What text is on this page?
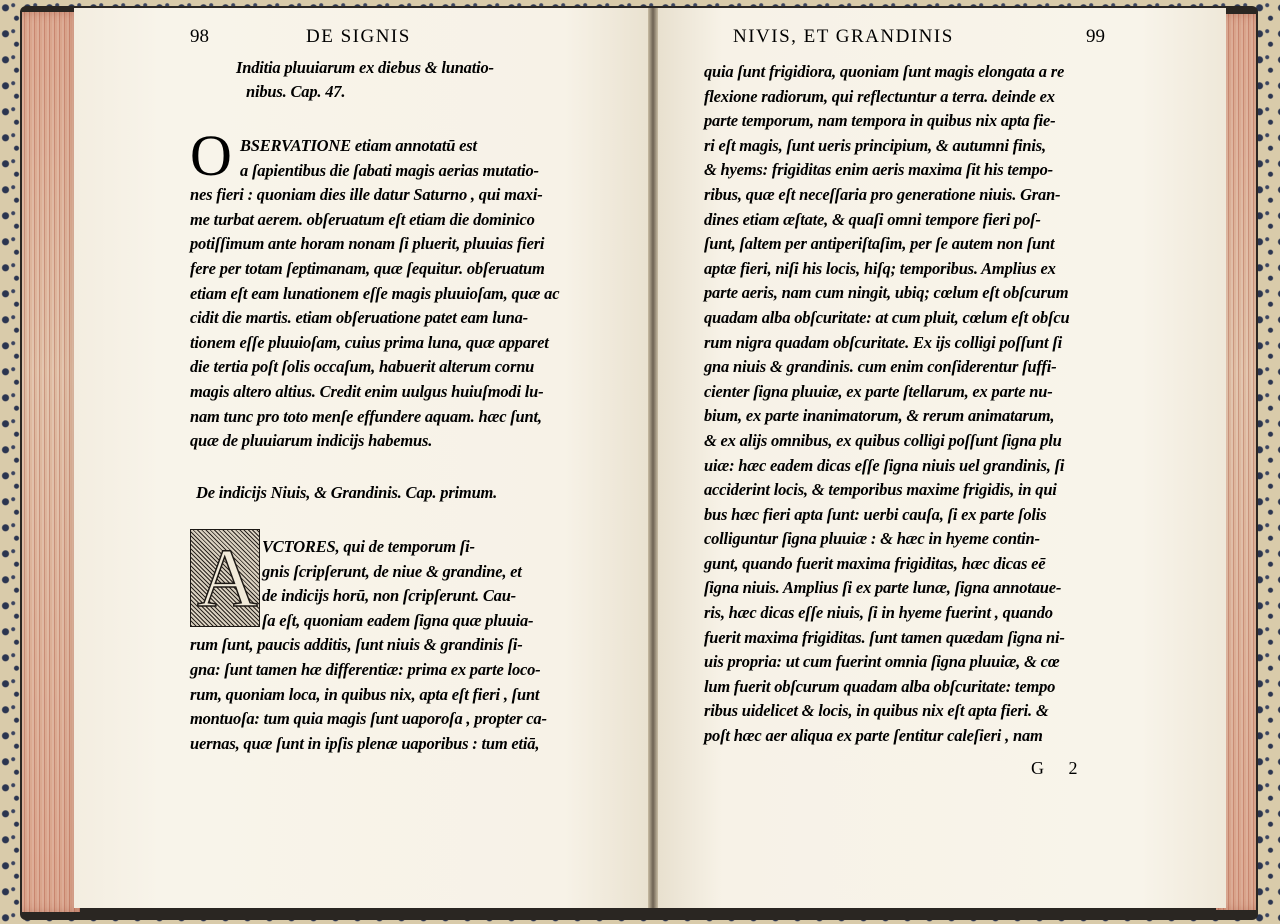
98	DE SIGNIS
Inditia pluuiarum ex diebus & lunatio-
nibus. Cap. 47.
O BSERVATIONE etiam annotatū est
a ſapientibus die ſabati magis aerias mutatio-
nes fieri : quoniam dies ille datur Saturno , qui maxi-
me turbat aerem. obſeruatum eſt etiam die dominico
potiſſimum ante horam nonam ſi pluerit, pluuias fieri
fere per totam ſeptimanam, quæ ſequitur. obſeruatum
etiam eſt eam lunationem eſſe magis pluuioſam, quæ ac
cidit die martis. etiam obſeruatione patet eam luna-
tionem eſſe pluuioſam, cuius prima luna, quæ apparet
die tertia poſt ſolis occaſum, habuerit alterum cornu
magis altero altius. Credit enim uulgus huiuſmodi lu-
nam tunc pro toto menſe effundere aquam. hæc ſunt,
quæ de pluuiarum indicijs habemus.
De indicijs Niuis, & Grandinis. Cap. primum.
A VCTORES, qui de temporum ſi-
gnis ſcripſerunt, de niue & grandine, et
de indicijs horū, non ſcripſerunt. Cau-
ſa eſt, quoniam eadem ſigna quæ pluuia-
rum ſunt, paucis additis, ſunt niuis & grandinis ſi-
gna: ſunt tamen hæ differentiæ: prima ex parte loco-
rum, quoniam loca, in quibus nix, apta eſt fieri , ſunt
montuoſa: tum quia magis ſunt uaporoſa , propter ca-
uernas, quæ ſunt in ipſis plenæ uaporibus : tum etiā,
NIVIS, ET GRANDINIS	99
quia ſunt frigidiora, quoniam ſunt magis elongata a re
flexione radiorum, qui reflectuntur a terra. deinde ex
parte temporum, nam tempora in quibus nix apta fie-
ri eſt magis, ſunt ueris principium, & autumni finis,
& hyems: frigiditas enim aeris maxima ſit his tempo-
ribus, quæ eſt neceſſaria pro generatione niuis. Gran-
dines etiam æſtate, & quaſi omni tempore fieri poſ-
ſunt, ſaltem per antiperiſtaſim, per ſe autem non ſunt
aptæ fieri, niſi his locis, hiſq; temporibus. Amplius ex
parte aeris, nam cum ningit, ubiq; cœlum eſt obſcurum
quadam alba obſcuritate: at cum pluit, cœlum eſt obſcu
rum nigra quadam obſcuritate. Ex ijs colligi poſſunt ſi
gna niuis & grandinis. cum enim conſiderentur ſuffi-
cienter ſigna pluuiæ, ex parte ſtellarum, ex parte nu-
bium, ex parte inanimatorum, & rerum animatarum,
& ex alijs omnibus, ex quibus colligi poſſunt ſigna plu
uiæ: hæc eadem dicas eſſe ſigna niuis uel grandinis, ſi
acciderint locis, & temporibus maxime frigidis, in qui
bus hæc fieri apta ſunt: uerbi cauſa, ſi ex parte ſolis
colliguntur ſigna pluuiæ : & hæc in hyeme contin-
gunt, quando fuerit maxima frigiditas, hæc dicas eē
ſigna niuis. Amplius ſi ex parte lunæ, ſigna annotaue-
ris, hæc dicas eſſe niuis, ſi in hyeme fuerint , quando
fuerit maxima frigiditas. ſunt tamen quædam ſigna ni-
uis propria: ut cum fuerint omnia ſigna pluuiæ, & cœ
lum fuerit obſcurum quadam alba obſcuritate: tempo
ribus uidelicet & locis, in quibus nix eſt apta fieri. &
poſt hæc aer aliqua ex parte ſentitur caleſieri , nam
G 2
